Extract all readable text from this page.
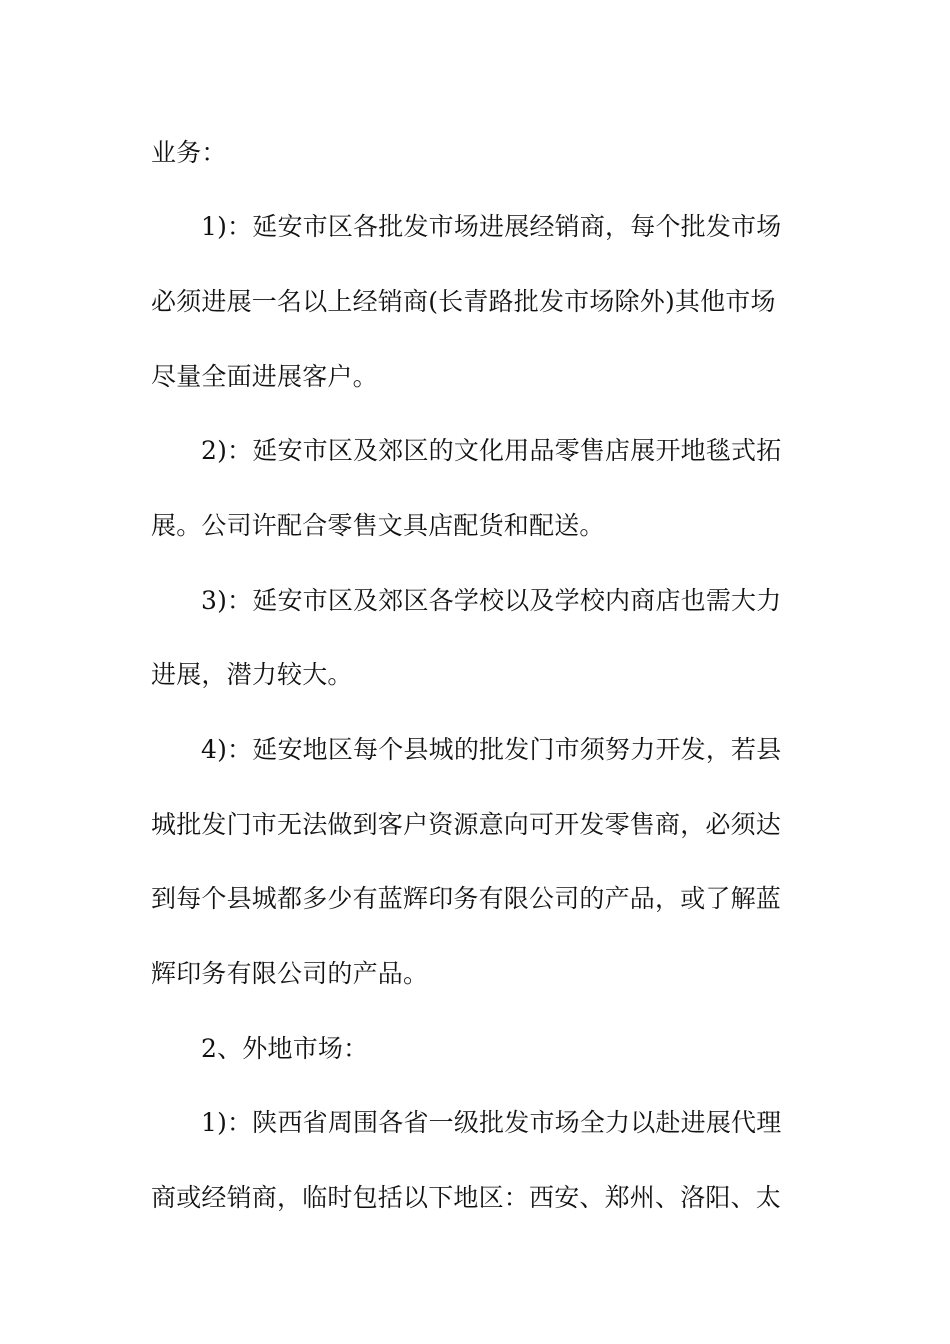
业务：

1)：延安市区各批发市场进展经销商，每个批发市场

必须进展一名以上经销商(长青路批发市场除外)其他市场

尽量全面进展客户。

2)：延安市区及郊区的文化用品零售店展开地毯式拓

展。公司许配合零售文具店配货和配送。

3)：延安市区及郊区各学校以及学校内商店也需大力

进展，潜力较大。

4)：延安地区每个县城的批发门市须努力开发，若县

城批发门市无法做到客户资源意向可开发零售商，必须达

到每个县城都多少有蓝辉印务有限公司的产品，或了解蓝

辉印务有限公司的产品。

2、外地市场：

1)：陕西省周围各省一级批发市场全力以赴进展代理

商或经销商，临时包括以下地区：西安、郑州、洛阳、太
